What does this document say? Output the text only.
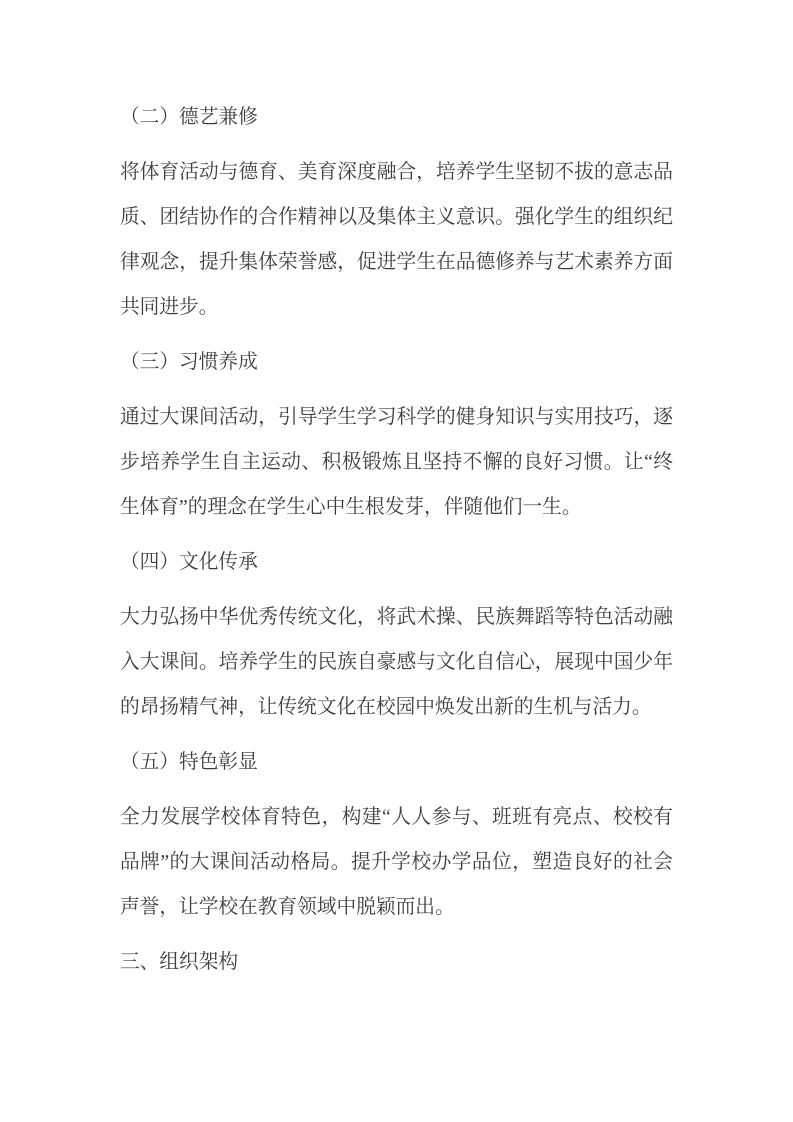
（二）德艺兼修

将体育活动与德育、美育深度融合，培养学生坚韧不拔的意志品质、团结协作的合作精神以及集体主义意识。强化学生的组织纪律观念，提升集体荣誉感，促进学生在品德修养与艺术素养方面共同进步。

（三）习惯养成

通过大课间活动，引导学生学习科学的健身知识与实用技巧，逐步培养学生自主运动、积极锻炼且坚持不懈的良好习惯。让“终生体育”的理念在学生心中生根发芽，伴随他们一生。

（四）文化传承

大力弘扬中华优秀传统文化，将武术操、民族舞蹈等特色活动融入大课间。培养学生的民族自豪感与文化自信心，展现中国少年的昂扬精气神，让传统文化在校园中焕发出新的生机与活力。

（五）特色彰显

全力发展学校体育特色，构建“人人参与、班班有亮点、校校有品牌”的大课间活动格局。提升学校办学品位，塑造良好的社会声誉，让学校在教育领域中脱颖而出。

三、组织架构
